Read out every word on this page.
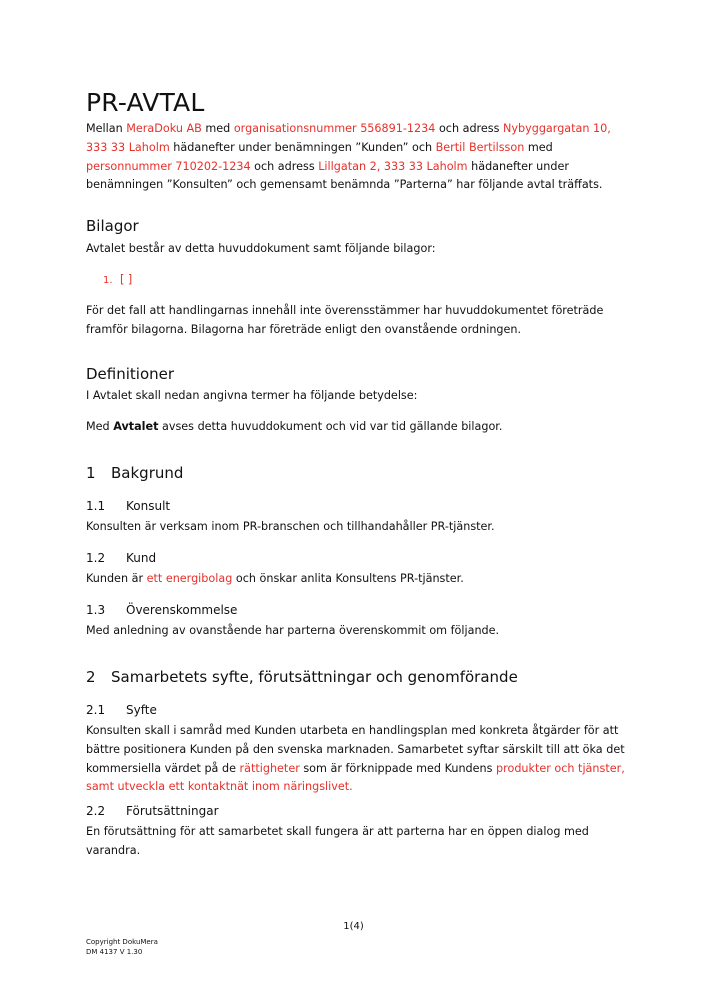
PR-AVTAL

Mellan MeraDoku AB med organisationsnummer 556891-1234 och adress Nybyggargatan 10, 333 33 Laholm hädanefter under benämningen ”Kunden” och Bertil Bertilsson med personnummer 710202-1234 och adress Lillgatan 2, 333 33 Laholm hädanefter under benämningen ”Konsulten” och gemensamt benämnda ”Parterna” har följande avtal träffats.

Bilagor

Avtalet består av detta huvuddokument samt följande bilagor:

1. [ ]

För det fall att handlingarnas innehåll inte överensstämmer har huvuddokumentet företräde framför bilagorna. Bilagorna har företräde enligt den ovanstående ordningen.

Definitioner

I Avtalet skall nedan angivna termer ha följande betydelse:

Med Avtalet avses detta huvuddokument och vid var tid gällande bilagor.

1 Bakgrund
1.1 Konsult

Konsulten är verksam inom PR-branschen och tillhandahåller PR-tjänster.

1.2 Kund

Kunden är ett energibolag och önskar anlita Konsultens PR-tjänster.

1.3 Överenskommelse

Med anledning av ovanstående har parterna överenskommit om följande.

2 Samarbetets syfte, förutsättningar och genomförande
2.1 Syfte

Konsulten skall i samråd med Kunden utarbeta en handlingsplan med konkreta åtgärder för att bättre positionera Kunden på den svenska marknaden. Samarbetet syftar särskilt till att öka det kommersiella värdet på de rättigheter som är förknippade med Kundens produkter och tjänster, samt utveckla ett kontaktnät inom näringslivet.

2.2 Förutsättningar

En förutsättning för att samarbetet skall fungera är att parterna har en öppen dialog med varandra.

1(4)
Copyright DokuMera
DM 4137 V 1.30
